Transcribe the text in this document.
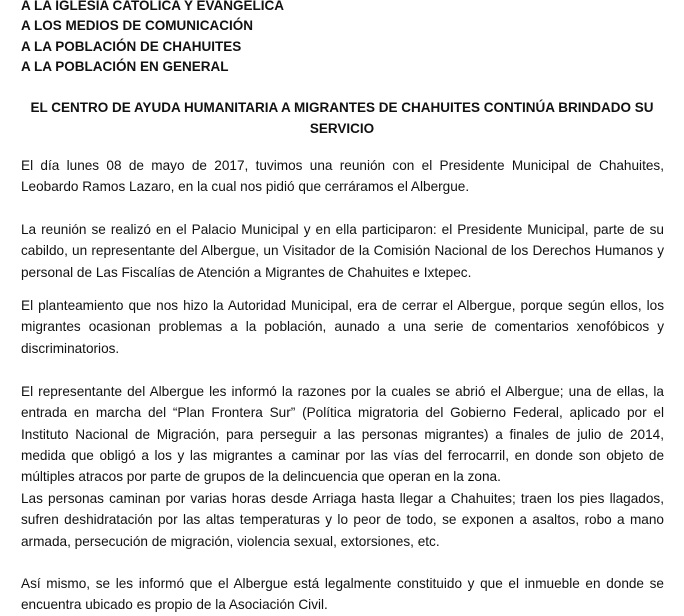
A LA IGLESIA CATOLICA Y EVANGELICA
A LOS MEDIOS DE COMUNICACIÓN
A LA POBLACIÓN DE CHAHUITES
A LA POBLACIÓN EN GENERAL
EL CENTRO DE AYUDA HUMANITARIA A MIGRANTES DE CHAHUITES CONTINÚA BRINDADO SU SERVICIO
El día lunes 08 de mayo de 2017, tuvimos una reunión con el Presidente Municipal de Chahuites, Leobardo Ramos Lazaro, en la cual nos pidió que cerráramos el Albergue.
La reunión se realizó en el Palacio Municipal y en ella participaron: el Presidente Municipal, parte de su cabildo, un representante del Albergue, un Visitador de la Comisión Nacional de los Derechos Humanos y personal de Las Fiscalías de Atención a Migrantes de Chahuites e Ixtepec.
El planteamiento que nos hizo la Autoridad Municipal, era de cerrar el Albergue, porque según ellos, los migrantes ocasionan problemas a la población, aunado a una serie de comentarios xenofóbicos y discriminatorios.
El representante del Albergue les informó la razones por la cuales se abrió el Albergue; una de ellas, la entrada en marcha del “Plan Frontera Sur” (Política migratoria del Gobierno Federal, aplicado por el Instituto Nacional de Migración, para perseguir a las personas migrantes) a finales de julio de 2014, medida que obligó a los y las migrantes a caminar por las vías del ferrocarril, en donde son objeto de múltiples atracos por parte de grupos de la delincuencia que operan en la zona.
Las personas caminan por varias horas desde Arriaga hasta llegar a Chahuites; traen los pies llagados, sufren deshidratación por las altas temperaturas y lo peor de todo, se exponen a asaltos, robo a mano armada, persecución de migración, violencia sexual, extorsiones, etc.
Así mismo, se les informó que el Albergue está legalmente constituido y que el inmueble en donde se encuentra ubicado es propio de la Asociación Civil.
